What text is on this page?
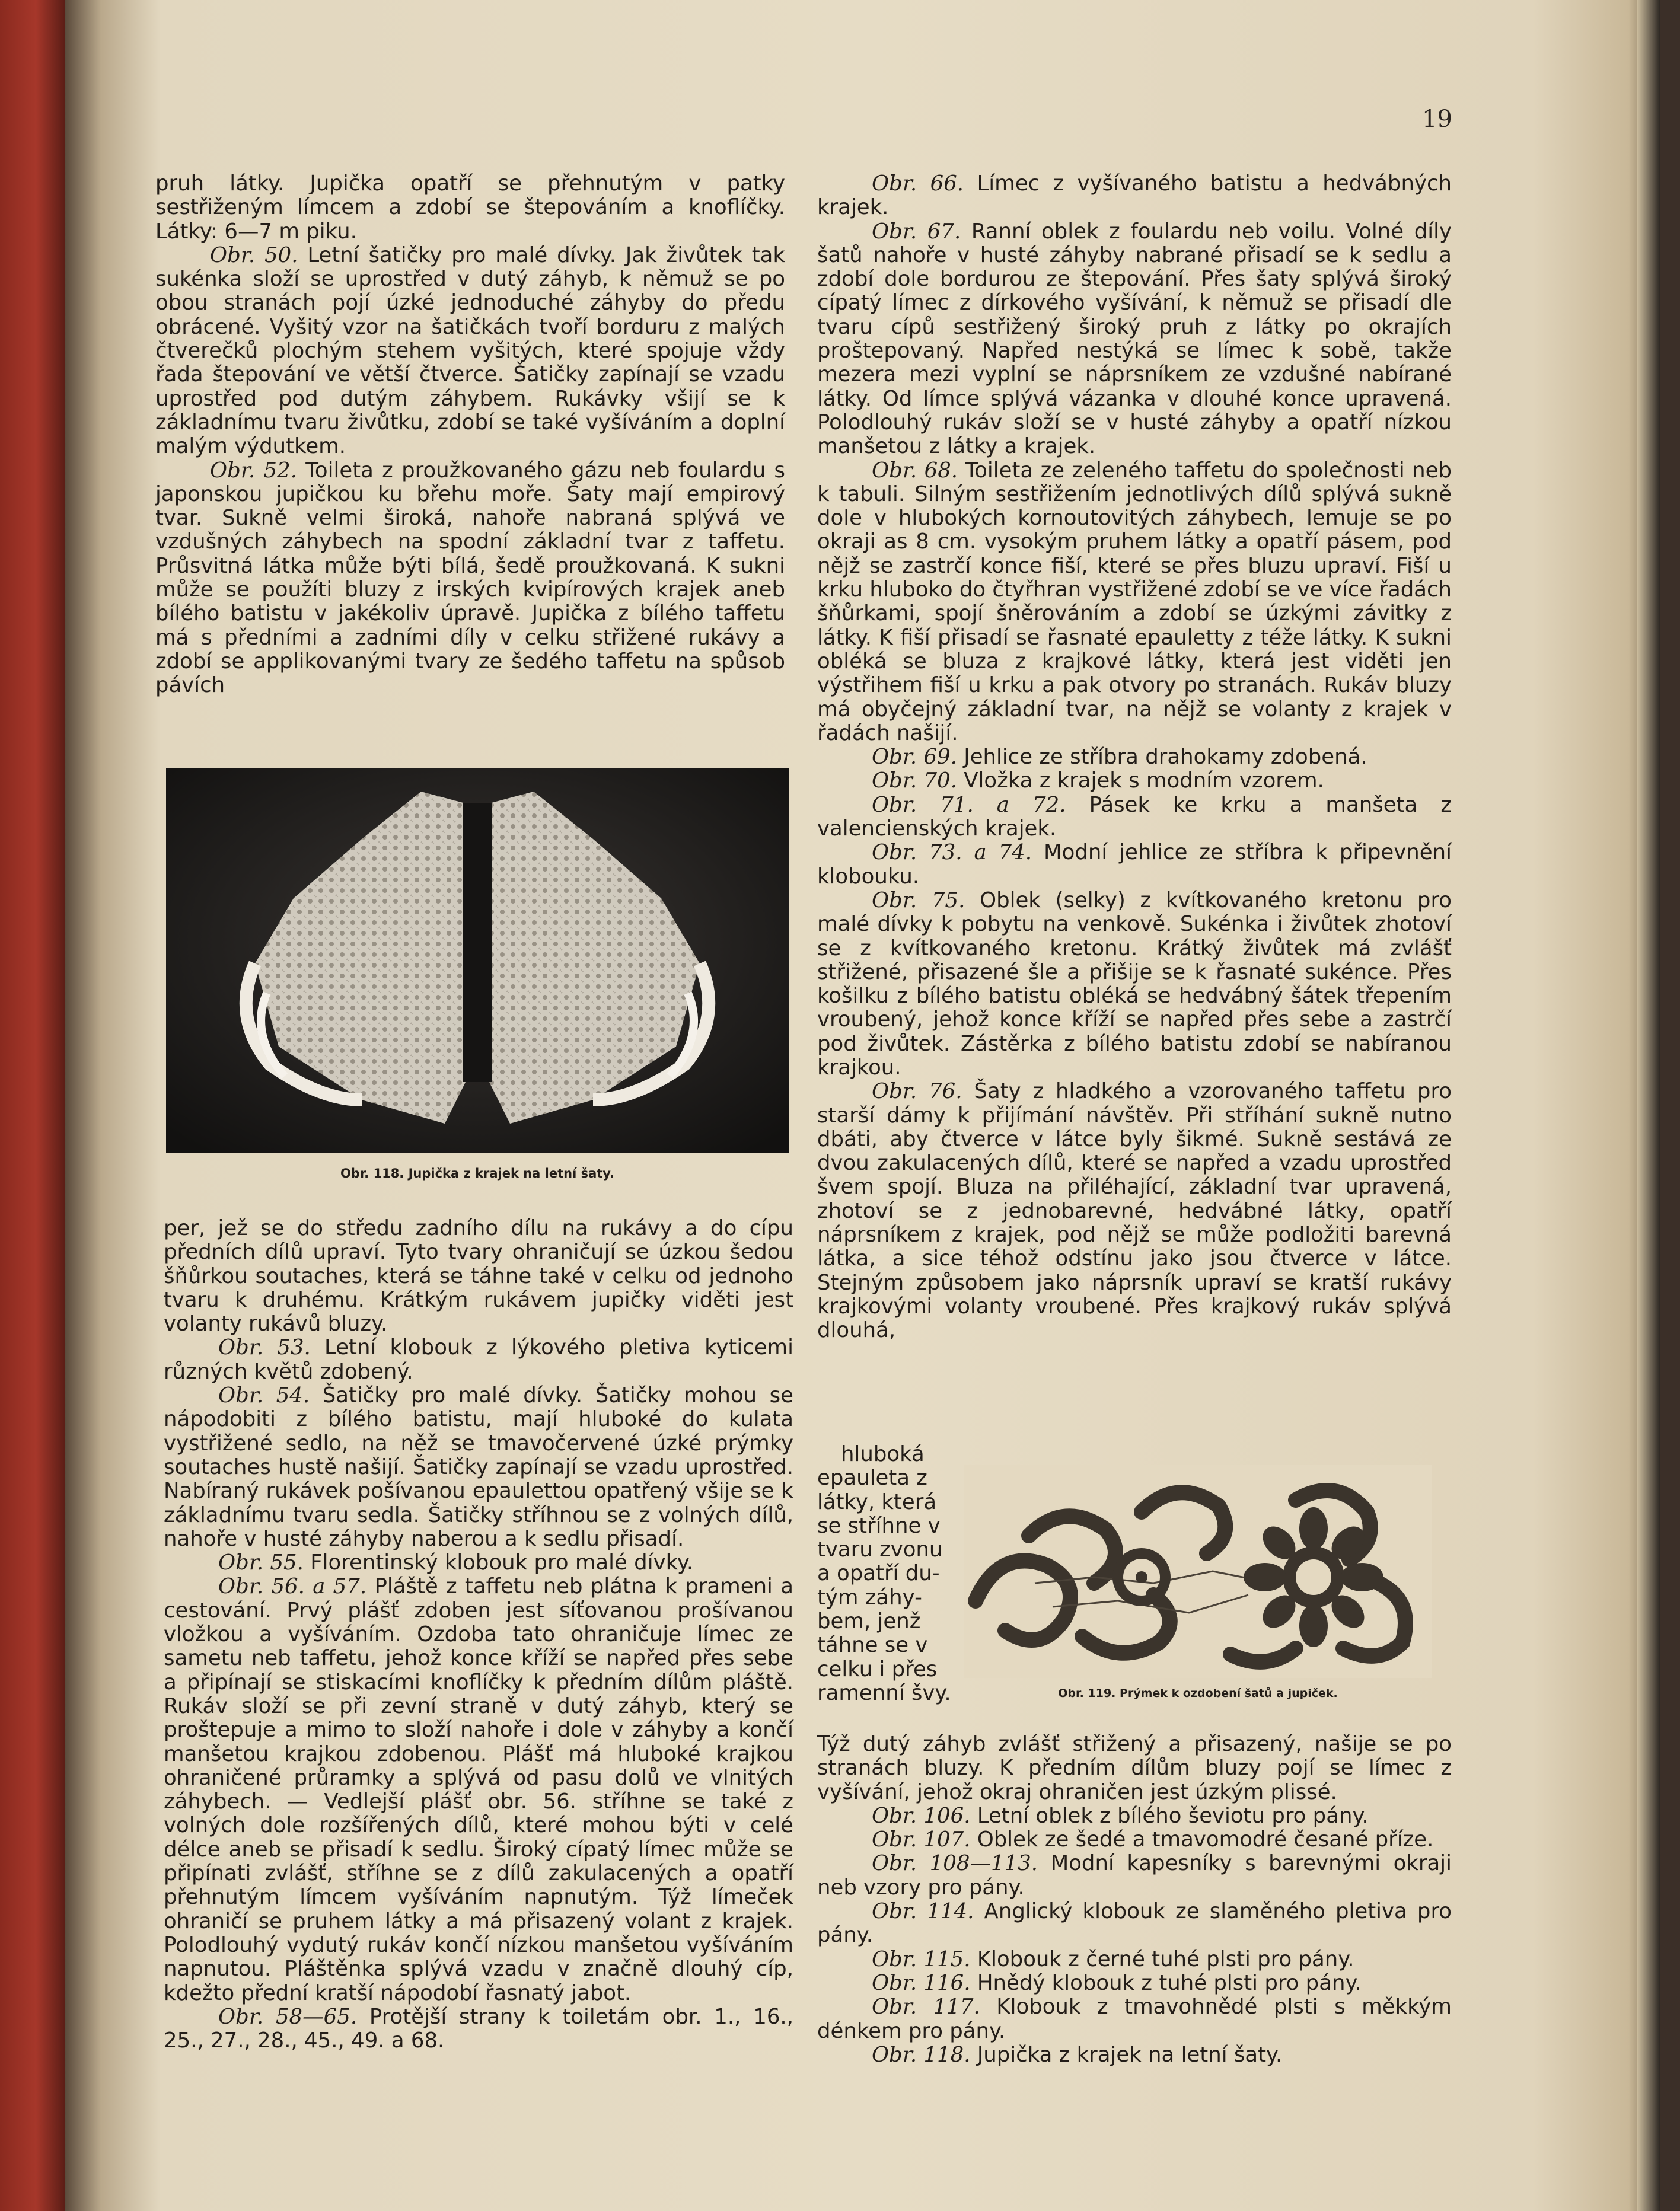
19

pruh látky. Jupička opatří se přehnutým v patky sestřiženým límcem a zdobí se štepováním a knoflíčky. Látky: 6—7 m piku.

Obr. 50. Letní šatičky pro malé dívky. Jak živůtek tak sukénka složí se uprostřed v dutý záhyb, k němuž se po obou stranách pojí úzké jednoduché záhyby do předu obrácené. Vyšitý vzor na šatičkách tvoří borduru z malých čtverečků plochým stehem vyšitých, které spojuje vždy řada štepování ve větší čtverce. Šatičky zapínají se vzadu uprostřed pod dutým záhybem. Rukávky všijí se k základnímu tvaru živůtku, zdobí se také vyšíváním a doplní malým výdutkem.

Obr. 52. Toileta z proužkovaného gázu neb foulardu s japonskou jupičkou ku břehu moře. Šaty mají empirový tvar. Sukně velmi široká, nahoře nabraná splývá ve vzdušných záhybech na spodní základní tvar z taffetu. Průsvitná látka může býti bílá, šedě proužkovaná. K sukni může se použíti bluzy z irských kvipírových krajek aneb bílého batistu v jakékoliv úpravě. Jupička z bílého taffetu má s předními a zadními díly v celku střižené rukávy a zdobí se applikovanými tvary ze šedého taffetu na spůsob pávích

Obr. 118. Jupička z krajek na letní šaty.

per, jež se do středu zadního dílu na rukávy a do cípu předních dílů upraví. Tyto tvary ohraničují se úzkou šedou šňůrkou soutaches, která se táhne také v celku od jednoho tvaru k druhému. Krátkým rukávem jupičky viděti jest volanty rukávů bluzy.

Obr. 53. Letní klobouk z lýkového pletiva kyticemi různých květů zdobený.

Obr. 54. Šatičky pro malé dívky. Šatičky mohou se nápodobiti z bílého batistu, mají hluboké do kulata vystřižené sedlo, na něž se tmavočervené úzké prýmky soutaches hustě našijí. Šatičky zapínají se vzadu uprostřed. Nabíraný rukávek pošívanou epaulettou opatřený všije se k základnímu tvaru sedla. Šatičky stříhnou se z volných dílů, nahoře v husté záhyby naberou a k sedlu přisadí.

Obr. 55. Florentinský klobouk pro malé dívky.

Obr. 56. a 57. Pláště z taffetu neb plátna k prameni a cestování. Prvý plášť zdoben jest síťovanou prošívanou vložkou a vyšíváním. Ozdoba tato ohraničuje límec ze sametu neb taffetu, jehož konce kříží se napřed přes sebe a připínají se stiskacími knoflíčky k předním dílům pláště. Rukáv složí se při zevní straně v dutý záhyb, který se proštepuje a mimo to složí nahoře i dole v záhyby a končí manšetou krajkou zdobenou. Plášť má hluboké krajkou ohraničené průramky a splývá od pasu dolů ve vlnitých záhybech. — Vedlejší plášť obr. 56. stříhne se také z volných dole rozšířených dílů, které mohou býti v celé délce aneb se přisadí k sedlu. Široký cípatý límec může se připínati zvlášť, stříhne se z dílů zakulacených a opatří přehnutým límcem vyšíváním napnutým. Týž límeček ohraničí se pruhem látky a má přisazený volant z krajek. Polodlouhý vydutý rukáv končí nízkou manšetou vyšíváním napnutou. Pláštěnka splývá vzadu v značně dlouhý cíp, kdežto přední kratší nápodobí řasnatý jabot.

Obr. 58—65. Protější strany k toiletám obr. 1., 16., 25., 27., 28., 45., 49. a 68.

Obr. 66. Límec z vyšívaného batistu a hedvábných krajek.

Obr. 67. Ranní oblek z foulardu neb voilu. Volné díly šatů nahoře v husté záhyby nabrané přisadí se k sedlu a zdobí dole bordurou ze štepování. Přes šaty splývá široký cípatý límec z dírkového vyšívání, k němuž se přisadí dle tvaru cípů sestřižený široký pruh z látky po okrajích proštepovaný. Napřed nestýká se límec k sobě, takže mezera mezi vyplní se náprsníkem ze vzdušné nabírané látky. Od límce splývá vázanka v dlouhé konce upravená. Polodlouhý rukáv složí se v husté záhyby a opatří nízkou manšetou z látky a krajek.

Obr. 68. Toileta ze zeleného taffetu do společnosti neb k tabuli. Silným sestřižením jednotlivých dílů splývá sukně dole v hlubokých kornoutovitých záhybech, lemuje se po okraji as 8 cm. vysokým pruhem látky a opatří pásem, pod nějž se zastrčí konce fiší, které se přes bluzu upraví. Fiší u krku hluboko do čtyřhran vystřižené zdobí se ve více řadách šňůrkami, spojí šněrováním a zdobí se úzkými závitky z látky. K fiší přisadí se řasnaté epauletty z téže látky. K sukni obléká se bluza z krajkové látky, která jest viděti jen výstřihem fiší u krku a pak otvory po stranách. Rukáv bluzy má obyčejný základní tvar, na nějž se volanty z krajek v řadách našijí.

Obr. 69. Jehlice ze stříbra drahokamy zdobená.

Obr. 70. Vložka z krajek s modním vzorem.

Obr. 71. a 72. Pásek ke krku a manšeta z valencienských krajek.

Obr. 73. a 74. Modní jehlice ze stříbra k připevnění klobouku.

Obr. 75. Oblek (selky) z kvítkovaného kretonu pro malé dívky k pobytu na venkově. Sukénka i živůtek zhotoví se z kvítkovaného kretonu. Krátký živůtek má zvlášť střižené, přisazené šle a přišije se k řasnaté sukénce. Přes košilku z bílého batistu obléká se hedvábný šátek třepením vroubený, jehož konce kříží se napřed přes sebe a zastrčí pod živůtek. Zástěrka z bílého batistu zdobí se nabíranou krajkou.

Obr. 76. Šaty z hladkého a vzorovaného taffetu pro starší dámy k přijímání návštěv. Při stříhání sukně nutno dbáti, aby čtverce v látce byly šikmé. Sukně sestává ze dvou zakulacených dílů, které se napřed a vzadu uprostřed švem spojí. Bluza na přiléhající, základní tvar upravená, zhotoví se z jednobarevné, hedvábné látky, opatří náprsníkem z krajek, pod nějž se může podložiti barevná látka, a sice téhož odstínu jako jsou čtverce v látce. Stejným způsobem jako náprsník upraví se kratší rukávy krajkovými volanty vroubené. Přes krajkový rukáv splývá dlouhá,

hluboká

epauleta z

látky, která

se stříhne v

tvaru zvonu

a opatří du-

tým záhy-

bem, jenž

táhne se v

celku i přes

ramenní švy.	Obr. 119. Prýmek k ozdobení šatů a jupiček.

Týž dutý záhyb zvlášť střižený a přisazený, našije se po stranách bluzy. K předním dílům bluzy pojí se límec z vyšívání, jehož okraj ohraničen jest úzkým plissé.

Obr. 106. Letní oblek z bílého ševiotu pro pány.

Obr. 107. Oblek ze šedé a tmavomodré česané příze.

Obr. 108—113. Modní kapesníky s barevnými okraji neb vzory pro pány.

Obr. 114. Anglický klobouk ze slaměného pletiva pro pány.

Obr. 115. Klobouk z černé tuhé plsti pro pány.

Obr. 116. Hnědý klobouk z tuhé plsti pro pány.

Obr. 117. Klobouk z tmavohnědé plsti s měkkým dénkem pro pány.

Obr. 118. Jupička z krajek na letní šaty.
